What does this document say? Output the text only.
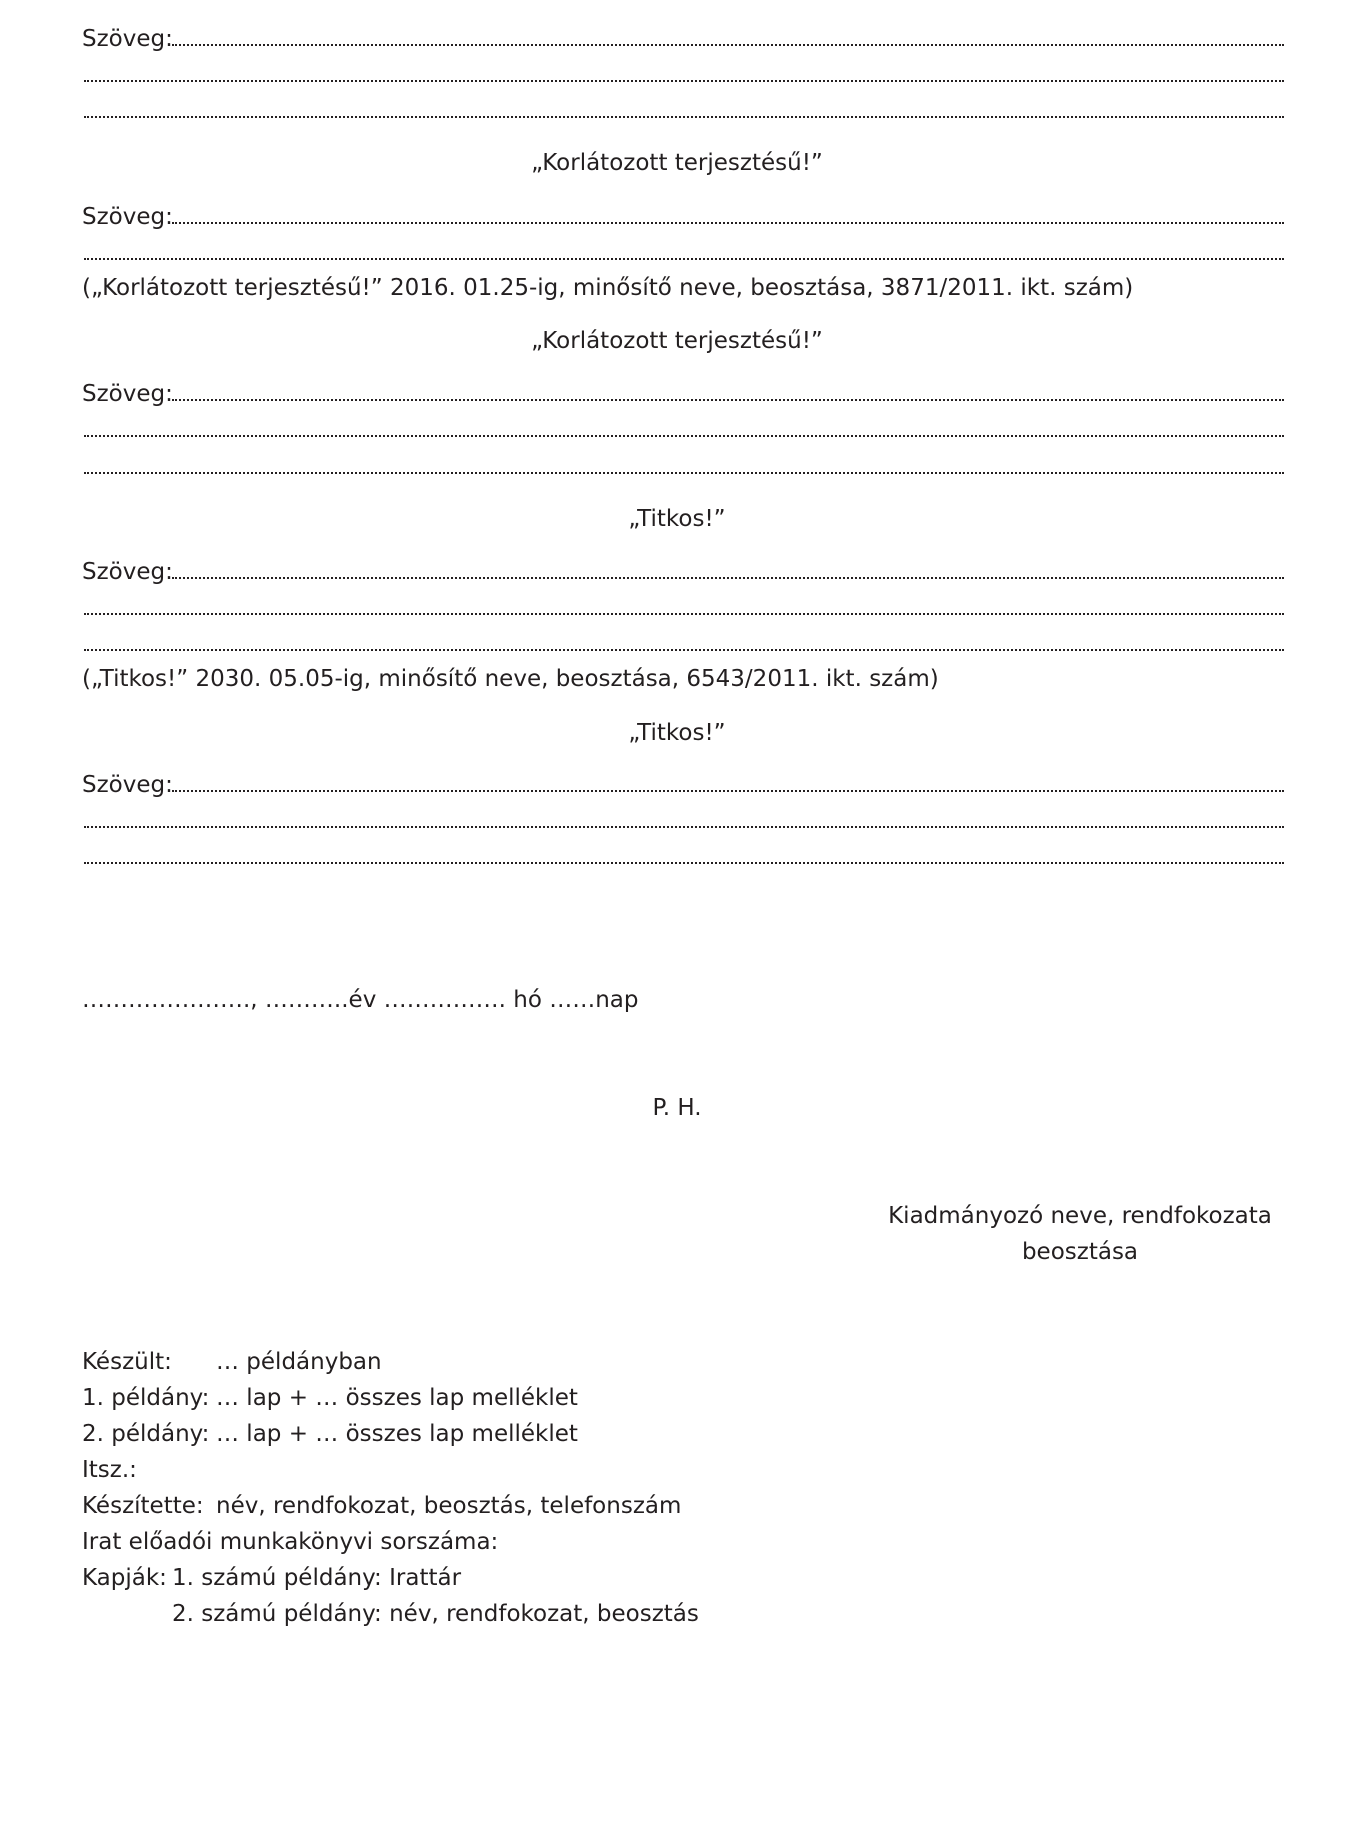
Szöveg:
„Korlátozott terjesztésű!”
Szöveg:
(„Korlátozott terjesztésű!” 2016. 01.25-ig, minősítő neve, beosztása, 3871/2011. ikt. szám)
„Korlátozott terjesztésű!”
Szöveg:
„Titkos!”
Szöveg:
(„Titkos!” 2030. 05.05-ig, minősítő neve, beosztása, 6543/2011. ikt. szám)
„Titkos!”
Szöveg:
…………………., ………..év ……………. hó ……nap
P. H.
Kiadmányozó neve, rendfokozata
beosztása
Készült: … példányban
1. példány: … lap + … összes lap melléklet
2. példány: … lap + … összes lap melléklet
Itsz.:
Készítette: név, rendfokozat, beosztás, telefonszám
Irat előadói munkakönyvi sorszáma:
Kapják: 1. számú példány: Irattár
2. számú példány: név, rendfokozat, beosztás
